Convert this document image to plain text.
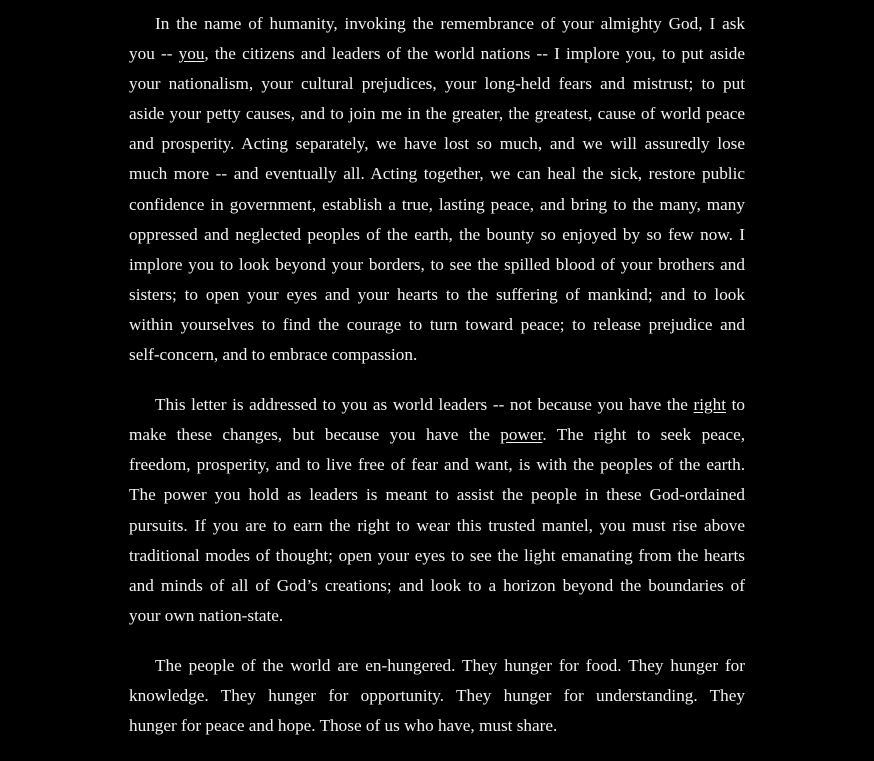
In the name of humanity, invoking the remembrance of your almighty God, I ask
you -- you, the citizens and leaders of the world nations -- I implore you, to put aside
your nationalism, your cultural prejudices, your long-held fears and mistrust; to put
aside your petty causes, and to join me in the greater, the greatest, cause of world peace
and prosperity. Acting separately, we have lost so much, and we will assuredly lose
much more -- and eventually all. Acting together, we can heal the sick, restore public
confidence in government, establish a true, lasting peace, and bring to the many, many
oppressed and neglected peoples of the earth, the bounty so enjoyed by so few now. I
implore you to look beyond your borders, to see the spilled blood of your brothers and
sisters; to open your eyes and your hearts to the suffering of mankind; and to look
within yourselves to find the courage to turn toward peace; to release prejudice and
self-concern, and to embrace compassion.
This letter is addressed to you as world leaders -- not because you have the right to
make these changes, but because you have the power. The right to seek peace,
freedom, prosperity, and to live free of fear and want, is with the peoples of the earth.
The power you hold as leaders is meant to assist the people in these God-ordained
pursuits. If you are to earn the right to wear this trusted mantel, you must rise above
traditional modes of thought; open your eyes to see the light emanating from the hearts
and minds of all of God’s creations; and look to a horizon beyond the boundaries of
your own nation-state.
The people of the world are en-hungered. They hunger for food. They hunger for
knowledge. They hunger for opportunity. They hunger for understanding. They
hunger for peace and hope. Those of us who have, must share.
